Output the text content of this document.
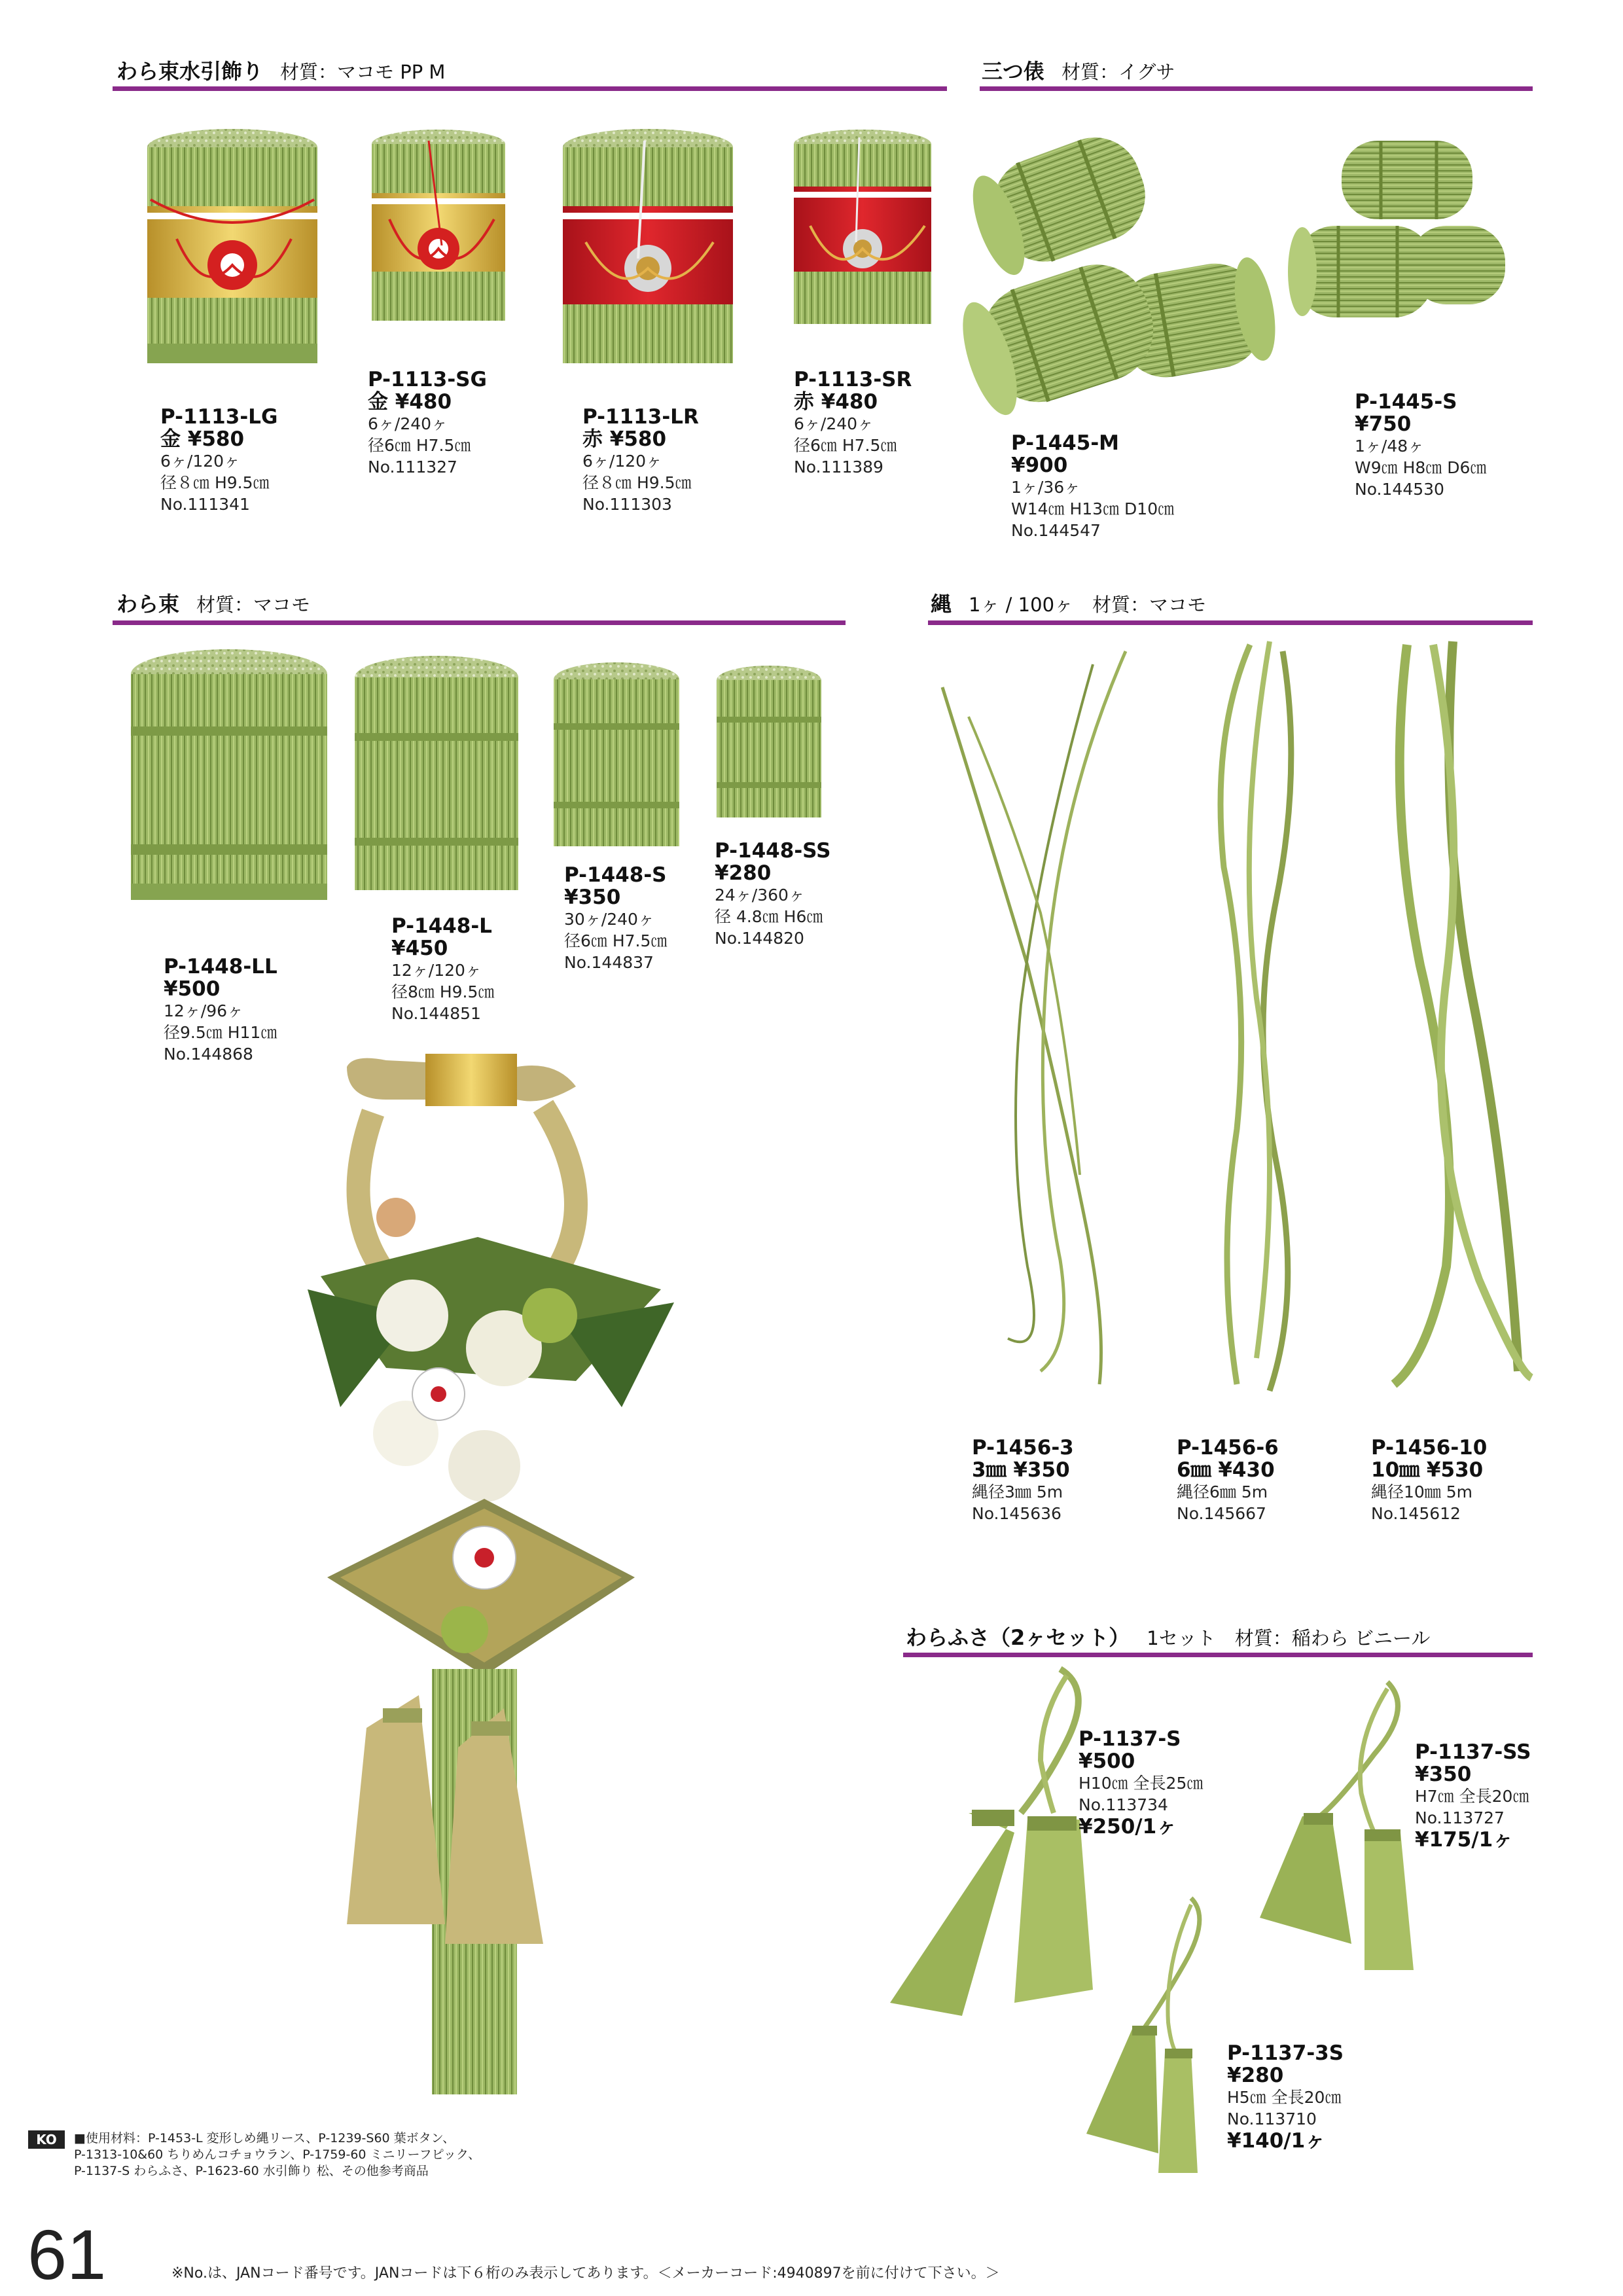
わら束水引飾り 材質：マコモ PP M	三つ俵 材質：イグサ
わら束 材質：マコモ	縄 1ヶ / 100ヶ　材質：マコモ
わらふさ（2ヶセット） 1セット　材質：稲わら ビニール
P-1113-LG
金 ¥580
6ヶ/120ヶ
径８㎝ H9.5㎝
No.111341
P-1113-SG
金 ¥480
6ヶ/240ヶ
径6㎝ H7.5㎝
No.111327
P-1113-LR
赤 ¥580
6ヶ/120ヶ
径８㎝ H9.5㎝
No.111303
P-1113-SR
赤 ¥480
6ヶ/240ヶ
径6㎝ H7.5㎝
No.111389
P-1445-M
¥900
1ヶ/36ヶ
W14㎝ H13㎝ D10㎝
No.144547
P-1445-S
¥750
1ヶ/48ヶ
W9㎝ H8㎝ D6㎝
No.144530
P-1448-LL
¥500
12ヶ/96ヶ
径9.5㎝ H11㎝
No.144868
P-1448-L
¥450
12ヶ/120ヶ
径8㎝ H9.5㎝
No.144851
P-1448-S
¥350
30ヶ/240ヶ
径6㎝ H7.5㎝
No.144837
P-1448-SS
¥280
24ヶ/360ヶ
径 4.8㎝ H6㎝
No.144820
P-1456-3
3㎜ ¥350
縄径3㎜ 5m
No.145636
P-1456-6
6㎜ ¥430
縄径6㎜ 5m
No.145667
P-1456-10
10㎜ ¥530
縄径10㎜ 5m
No.145612
P-1137-S
¥500
H10㎝ 全長25㎝
No.113734
¥250/1ヶ
P-1137-SS
¥350
H7㎝ 全長20㎝
No.113727
¥175/1ヶ
P-1137-3S
¥280
H5㎝ 全長20㎝
No.113710
¥140/1ヶ
KO	■使用材料：P-1453-L 変形しめ縄リース、P-1239-S60 葉ボタン、
P-1313-10&60 ちりめんコチョウラン、P-1759-60 ミニリーフピック、
P-1137-S わらふさ、P-1623-60 水引飾り 松、その他参考商品
61	※No.は、JANコード番号です。JANコードは下６桁のみ表示してあります。＜メーカーコード:4940897を前に付けて下さい。＞
